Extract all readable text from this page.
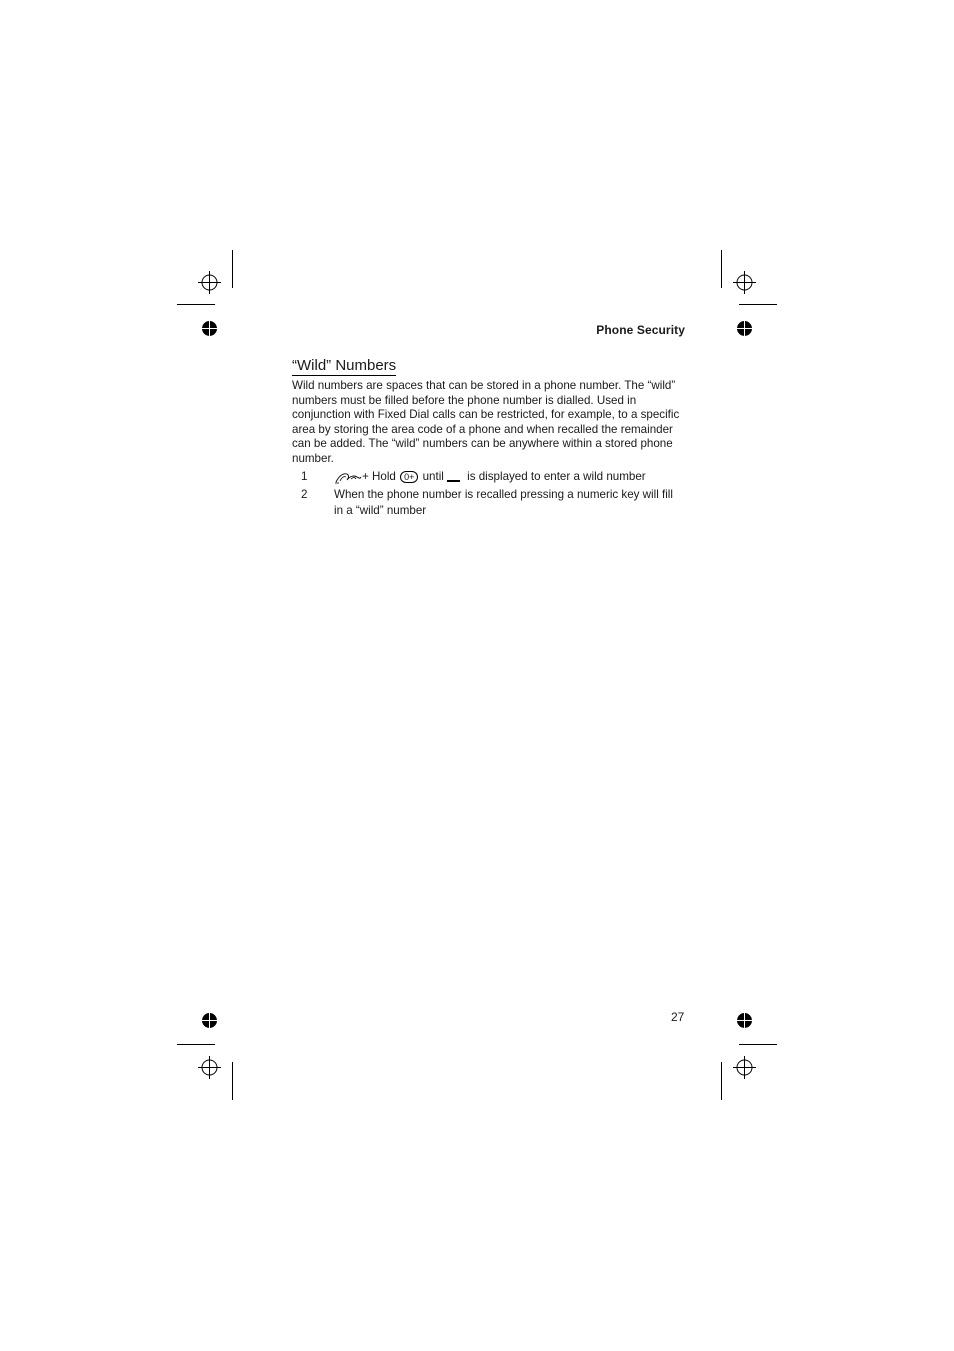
Phone Security
“Wild” Numbers
Wild numbers are spaces that can be stored in a phone number. The “wild” numbers must be filled before the phone number is dialled. Used in conjunction with Fixed Dial calls can be restricted, for example, to a specific area by storing the area code of a phone and when recalled the remainder can be added. The “wild” numbers can be anywhere within a stored phone number.
1	+ Hold 0+ until is displayed to enter a wild number
2 When the phone number is recalled pressing a numeric key will fill in a “wild” number
27
